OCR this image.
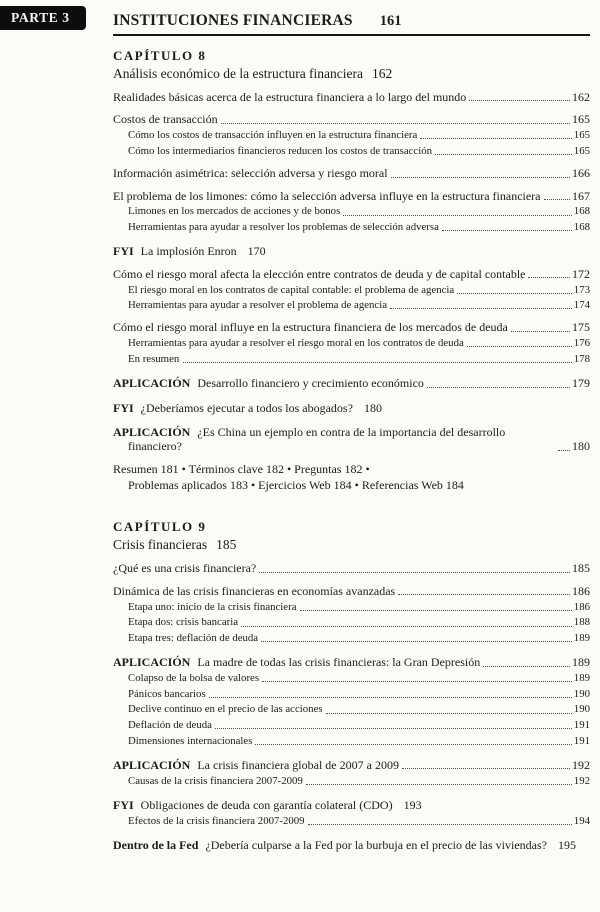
PARTE 3	INSTITUCIONES FINANCIERAS 161
CAPÍTULO 8
Análisis económico de la estructura financiera 162
Realidades básicas acerca de la estructura financiera a lo largo del mundo	162
Costos de transacción	165
Cómo los costos de transacción influyen en la estructura financiera	165
Cómo los intermediarios financieros reducen los costos de transacción	165
Información asimétrica: selección adversa y riesgo moral	166
El problema de los limones: cómo la selección adversa influye en la estructura financiera	167
Limones en los mercados de acciones y de bonos	168
Herramientas para ayudar a resolver los problemas de selección adversa	168
FYI La implosión Enron 170
Cómo el riesgo moral afecta la elección entre contratos de deuda y de capital contable	172
El riesgo moral en los contratos de capital contable: el problema de agencia	173
Herramientas para ayudar a resolver el problema de agencia	174
Cómo el riesgo moral influye en la estructura financiera de los mercados de deuda	175
Herramientas para ayudar a resolver el riesgo moral en los contratos de deuda	176
En resumen	178
APLICACIÓN Desarrollo financiero y crecimiento económico	179
FYI ¿Deberíamos ejecutar a todos los abogados? 180
APLICACIÓN ¿Es China un ejemplo en contra de la importancia del desarrollo financiero?	180
Resumen 181 • Términos clave 182 • Preguntas 182 •
Problemas aplicados 183 • Ejercicios Web 184 • Referencias Web 184
CAPÍTULO 9
Crisis financieras 185
¿Qué es una crisis financiera?	185
Dinámica de las crisis financieras en economías avanzadas	186
Etapa uno: inicio de la crisis financiera	186
Etapa dos: crisis bancaria	188
Etapa tres: deflación de deuda	189
APLICACIÓN La madre de todas las crisis financieras: la Gran Depresión	189
Colapso de la bolsa de valores	189
Pánicos bancarios	190
Declive continuo en el precio de las acciones	190
Deflación de deuda	191
Dimensiones internacionales	191
APLICACIÓN La crisis financiera global de 2007 a 2009	192
Causas de la crisis financiera 2007-2009	192
FYI Obligaciones de deuda con garantía colateral (CDO) 193
Efectos de la crisis financiera 2007-2009	194
Dentro de la Fed ¿Debería culparse a la Fed por la burbuja en el precio de las viviendas? 195
